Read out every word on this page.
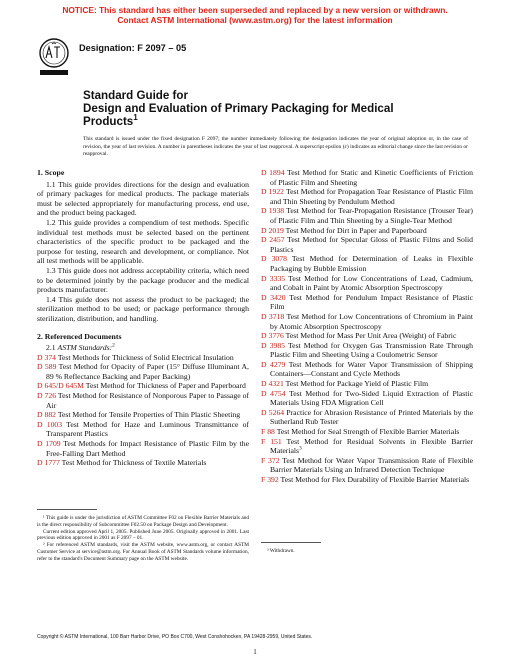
NOTICE: This standard has either been superseded and replaced by a new version or withdrawn.
Contact ASTM International (www.astm.org) for the latest information
Designation: F 2097 – 05
Standard Guide for
Design and Evaluation of Primary Packaging for Medical
Products$^1$
This standard is issued under the fixed designation F 2097; the number immediately following the designation indicates the year of original adoption or, in the case of revision, the year of last revision. A number in parentheses indicates the year of last reapproval. A superscript epsilon (ε) indicates an editorial change since the last revision or reapproval.
1. Scope

1.1 This guide provides directions for the design and evaluation of primary packages for medical products. The package materials must be selected appropriately for manufacturing process, end use, and the product being packaged.

1.2 This guide provides a compendium of test methods. Specific individual test methods must be selected based on the pertinent characteristics of the specific product to be packaged and the purpose for testing, research and development, or compliance. Not all test methods will be applicable.

1.3 This guide does not address acceptability criteria, which need to be determined jointly by the package producer and the medical products manufacturer.

1.4 This guide does not assess the product to be packaged; the sterilization method to be used; or package performance through sterilization, distribution, and handling.

2. Referenced Documents

2.1 ASTM Standards:$^2$

D 374 Test Methods for Thickness of Solid Electrical Insulation

D 589 Test Method for Opacity of Paper (15° Diffuse Illuminant A, 89 % Reflectance Backing and Paper Backing)

D 645/D 645M Test Method for Thickness of Paper and Paperboard

D 726 Test Method for Resistance of Nonporous Paper to Passage of Air

D 882 Test Method for Tensile Properties of Thin Plastic Sheeting

D 1003 Test Method for Haze and Luminous Transmittance of Transparent Plastics

D 1709 Test Methods for Impact Resistance of Plastic Film by the Free-Falling Dart Method

D 1777 Test Method for Thickness of Textile Materials

D 1894 Test Method for Static and Kinetic Coefficients of Friction of Plastic Film and Sheeting

D 1922 Test Method for Propagation Tear Resistance of Plastic Film and Thin Sheeting by Pendulum Method

D 1938 Test Method for Tear-Propagation Resistance (Trouser Tear) of Plastic Film and Thin Sheeting by a Single-Tear Method

D 2019 Test Method for Dirt in Paper and Paperboard

D 2457 Test Method for Specular Gloss of Plastic Films and Solid Plastics

D 3078 Test Method for Determination of Leaks in Flexible Packaging by Bubble Emission

D 3335 Test Method for Low Concentrations of Lead, Cadmium, and Cobalt in Paint by Atomic Absorption Spectroscopy

D 3420 Test Method for Pendulum Impact Resistance of Plastic Film

D 3718 Test Method for Low Concentrations of Chromium in Paint by Atomic Absorption Spectroscopy

D 3776 Test Method for Mass Per Unit Area (Weight) of Fabric

D 3985 Test Method for Oxygen Gas Transmission Rate Through Plastic Film and Sheeting Using a Coulometric Sensor

D 4279 Test Methods for Water Vapor Transmission of Shipping Containers—Constant and Cycle Methods

D 4321 Test Method for Package Yield of Plastic Film

D 4754 Test Method for Two-Sided Liquid Extraction of Plastic Materials Using FDA Migration Cell

D 5264 Practice for Abrasion Resistance of Printed Materials by the Sutherland Rub Tester

F 88 Test Method for Seal Strength of Flexible Barrier Materials

F 151 Test Method for Residual Solvents in Flexible Barrier Materials$^3$

F 372 Test Method for Water Vapor Transmission Rate of Flexible Barrier Materials Using an Infrared Detection Technique

F 392 Test Method for Flex Durability of Flexible Barrier Materials

¹ This guide is under the jurisdiction of ASTM Committee F02 on Flexible Barrier Materials and is the direct responsibility of Subcommittee F02.50 on Package Design and Development.

Current edition approved April 1, 2005. Published June 2005. Originally approved in 2001. Last previous edition approved in 2001 as F 2097 – 01.

² For referenced ASTM standards, visit the ASTM website, www.astm.org, or contact ASTM Customer Service at service@astm.org. For Annual Book of ASTM Standards volume information, refer to the standard's Document Summary page on the ASTM website.

³ Withdrawn.

Copyright © ASTM International, 100 Barr Harbor Drive, PO Box C700, West Conshohocken, PA 19428-2959, United States.
1
